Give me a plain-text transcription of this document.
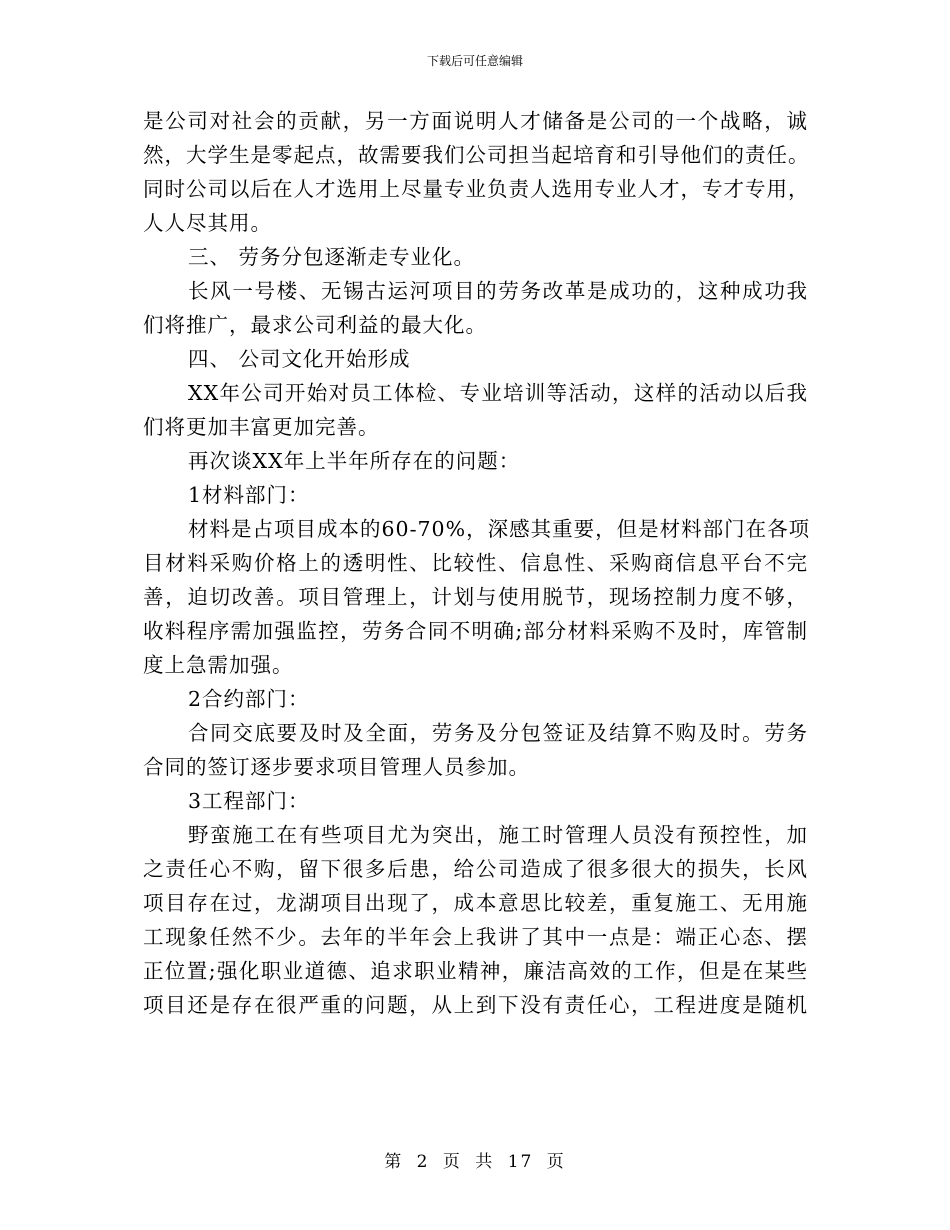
下载后可任意编辑
是公司对社会的贡献，另一方面说明人才储备是公司的一个战略，诚
然，大学生是零起点，故需要我们公司担当起培育和引导他们的责任。
同时公司以后在人才选用上尽量专业负责人选用专业人才，专才专用，
人人尽其用。
三、 劳务分包逐渐走专业化。
长风一号楼、无锡古运河项目的劳务改革是成功的，这种成功我
们将推广，最求公司利益的最大化。
四、 公司文化开始形成
XX年公司开始对员工体检、专业培训等活动，这样的活动以后我
们将更加丰富更加完善。
再次谈XX年上半年所存在的问题：
1材料部门：
材料是占项目成本的60-70%，深感其重要，但是材料部门在各项
目材料采购价格上的透明性、比较性、信息性、采购商信息平台不完
善，迫切改善。项目管理上，计划与使用脱节，现场控制力度不够，
收料程序需加强监控，劳务合同不明确;部分材料采购不及时，库管制
度上急需加强。
2合约部门：
合同交底要及时及全面，劳务及分包签证及结算不购及时。劳务
合同的签订逐步要求项目管理人员参加。
3工程部门：
野蛮施工在有些项目尤为突出，施工时管理人员没有预控性，加
之责任心不购，留下很多后患，给公司造成了很多很大的损失，长风
项目存在过，龙湖项目出现了，成本意思比较差，重复施工、无用施
工现象任然不少。去年的半年会上我讲了其中一点是：端正心态、摆
正位置;强化职业道德、追求职业精神，廉洁高效的工作，但是在某些
项目还是存在很严重的问题，从上到下没有责任心，工程进度是随机
第 2 页 共 17 页
